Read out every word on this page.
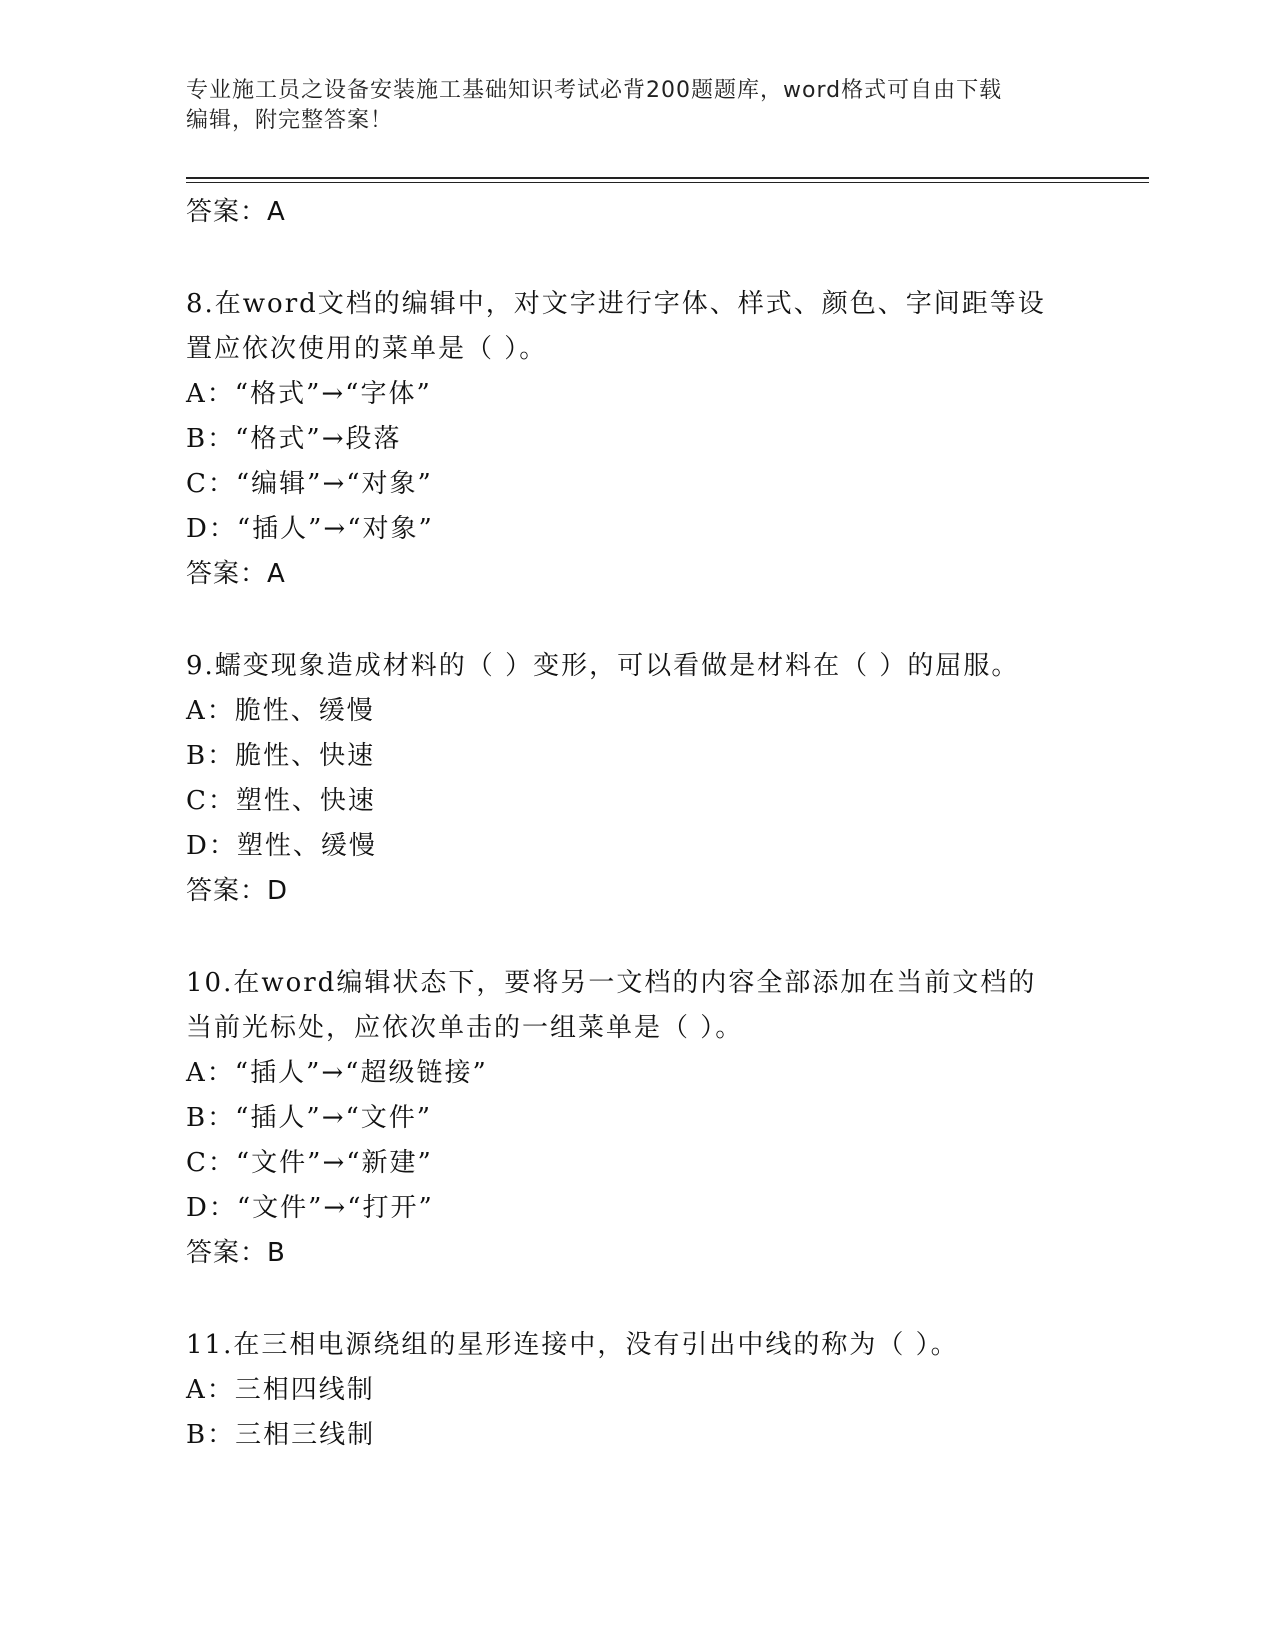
专业施工员之设备安装施工基础知识考试必背200题题库，word格式可自由下载
编辑，附完整答案！
答案：A
8.在word文档的编辑中，对文字进行字体、样式、颜色、字间距等设
置应依次使用的菜单是（ ）。
A：“格式”→“字体”
B：“格式”→段落
C：“编辑”→“对象”
D：“插人”→“对象”
答案：A
9.蠕变现象造成材料的（ ）变形，可以看做是材料在（ ）的屈服。
A：脆性、缓慢
B：脆性、快速
C：塑性、快速
D：塑性、缓慢
答案：D
10.在word编辑状态下，要将另一文档的内容全部添加在当前文档的
当前光标处，应依次单击的一组菜单是（ ）。
A：“插人”→“超级链接”
B：“插人”→“文件”
C：“文件”→“新建”
D：“文件”→“打开”
答案：B
11.在三相电源绕组的星形连接中，没有引出中线的称为（ ）。
A：三相四线制
B：三相三线制
